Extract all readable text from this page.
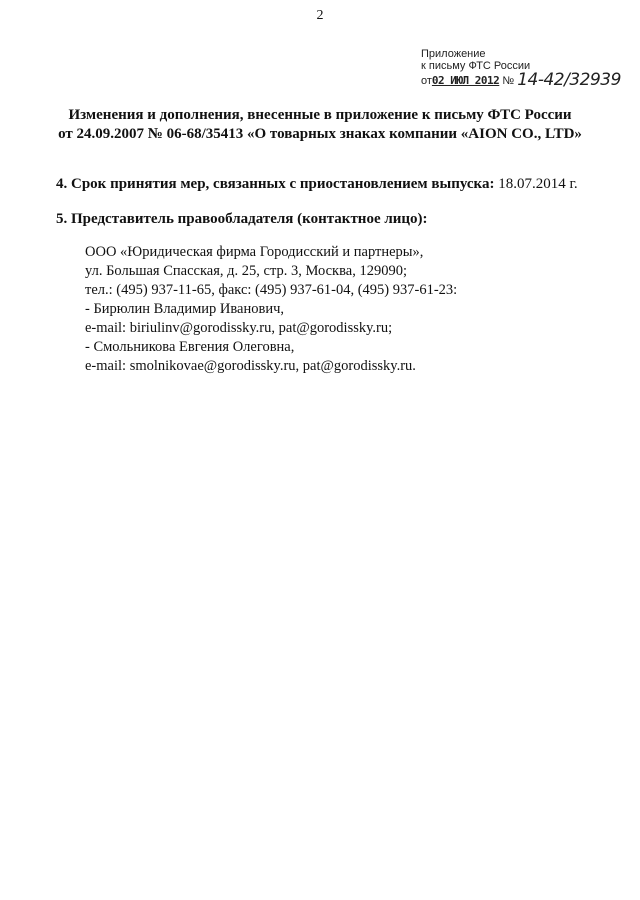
2
Приложение
к письму ФТС России
от02 ИЮЛ 2012 № 14-42/32939
Изменения и дополнения, внесенные в приложение к письму ФТС России
от 24.09.2007 № 06-68/35413 «О товарных знаках компании «AION CO., LTD»
4. Срок принятия мер, связанных с приостановлением выпуска: 18.07.2014 г.
5. Представитель правообладателя (контактное лицо):
ООО «Юридическая фирма Городисский и партнеры»,
ул. Большая Спасская, д. 25, стр. 3, Москва, 129090;
тел.: (495) 937-11-65, факс: (495) 937-61-04, (495) 937-61-23:
- Бирюлин Владимир Иванович,
e-mail: biriulinv@gorodissky.ru, pat@gorodissky.ru;
- Смольникова Евгения Олеговна,
e-mail: smolnikovae@gorodissky.ru, pat@gorodissky.ru.
